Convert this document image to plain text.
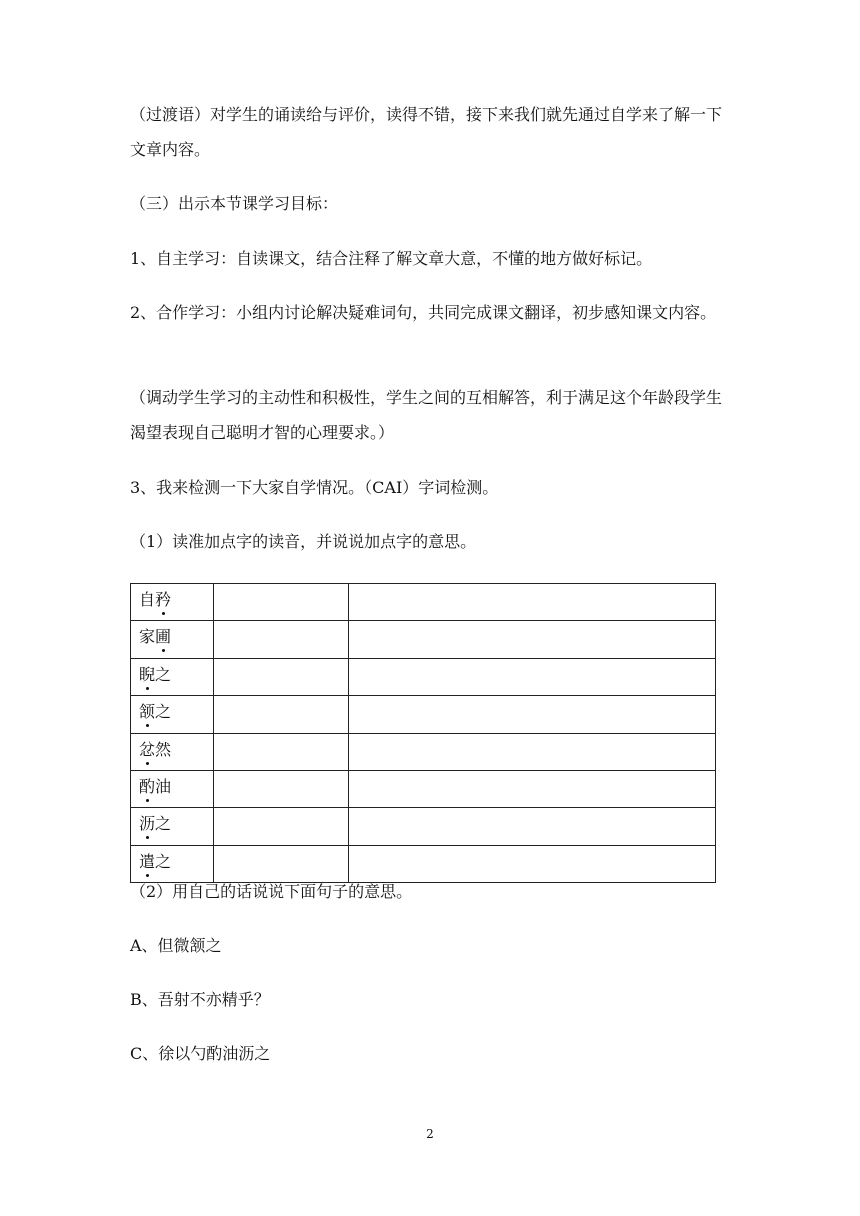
（过渡语）对学生的诵读给与评价，读得不错，接下来我们就先通过自学来了解一下文章内容。

（三）出示本节课学习目标：

1、自主学习：自读课文，结合注释了解文章大意，不懂的地方做好标记。

2、合作学习：小组内讨论解决疑难词句，共同完成课文翻译，初步感知课文内容。

（调动学生学习的主动性和积极性，学生之间的互相解答，利于满足这个年龄段学生渴望表现自己聪明才智的心理要求。）

3、我来检测一下大家自学情况。（CAI）字词检测。

（1）读准加点字的读音，并说说加点字的意思。

自矜		
家圃		
睨之		
颔之		
忿然		
酌油		
沥之		
遣之		

（2）用自己的话说说下面句子的意思。

A、但微颔之

B、吾射不亦精乎？

C、徐以勺酌油沥之

2
